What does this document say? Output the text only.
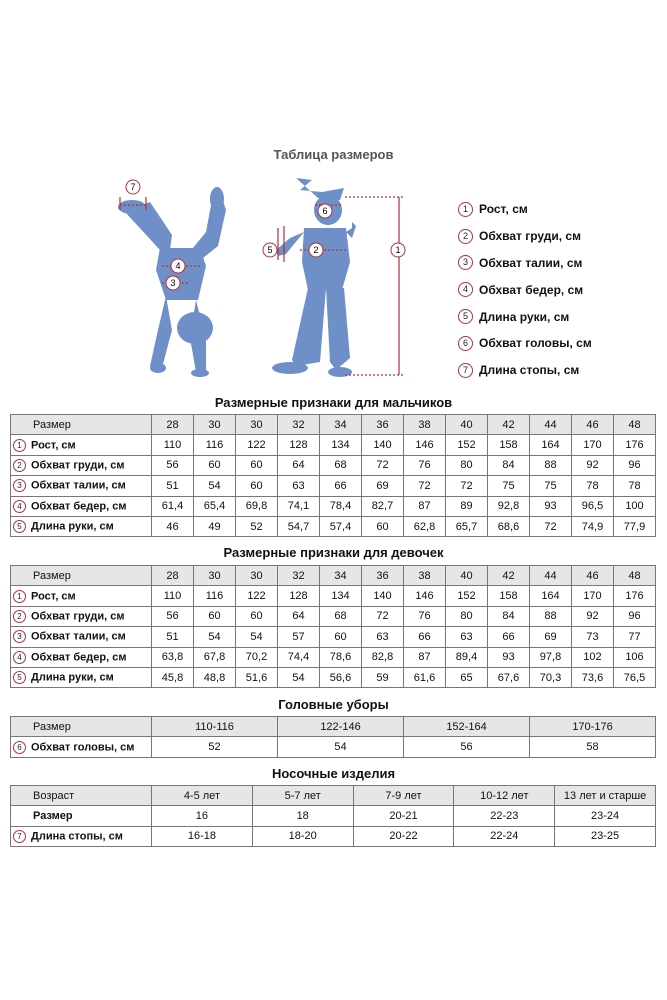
Таблица размеров
7
4
3
2
6
5	1
1 Рост, см
2 Обхват груди, см
3 Обхват талии, см
4 Обхват бедер, см
5 Длина руки, см
6 Обхват головы, см
7 Длина стопы, см
Размерные признаки для мальчиков
Размер	28	30	30	32	34	36	38	40	42	44	46	48
1 Рост, см	110	116	122	128	134	140	146	152	158	164	170	176
2 Обхват груди, см	56	60	60	64	68	72	76	80	84	88	92	96
3 Обхват талии, см	51	54	60	63	66	69	72	72	75	75	78	78
4 Обхват бедер, см	61,4	65,4	69,8	74,1	78,4	82,7	87	89	92,8	93	96,5	100
5 Длина руки, см	46	49	52	54,7	57,4	60	62,8	65,7	68,6	72	74,9	77,9
Размерные признаки для девочек
Размер	28	30	30	32	34	36	38	40	42	44	46	48
1 Рост, см	110	116	122	128	134	140	146	152	158	164	170	176
2 Обхват груди, см	56	60	60	64	68	72	76	80	84	88	92	96
3 Обхват талии, см	51	54	54	57	60	63	66	63	66	69	73	77
4 Обхват бедер, см	63,8	67,8	70,2	74,4	78,6	82,8	87	89,4	93	97,8	102	106
5 Длина руки, см	45,8	48,8	51,6	54	56,6	59	61,6	65	67,6	70,3	73,6	76,5
Головные уборы
Размер	110-116	122-146	152-164	170-176
6 Обхват головы, см	52	54	56	58
Носочные изделия
Возраст	4-5 лет	5-7 лет	7-9 лет	10-12 лет	13 лет и старше
Размер	16	18	20-21	22-23	23-24
7 Длина стопы, см	16-18	18-20	20-22	22-24	23-25
